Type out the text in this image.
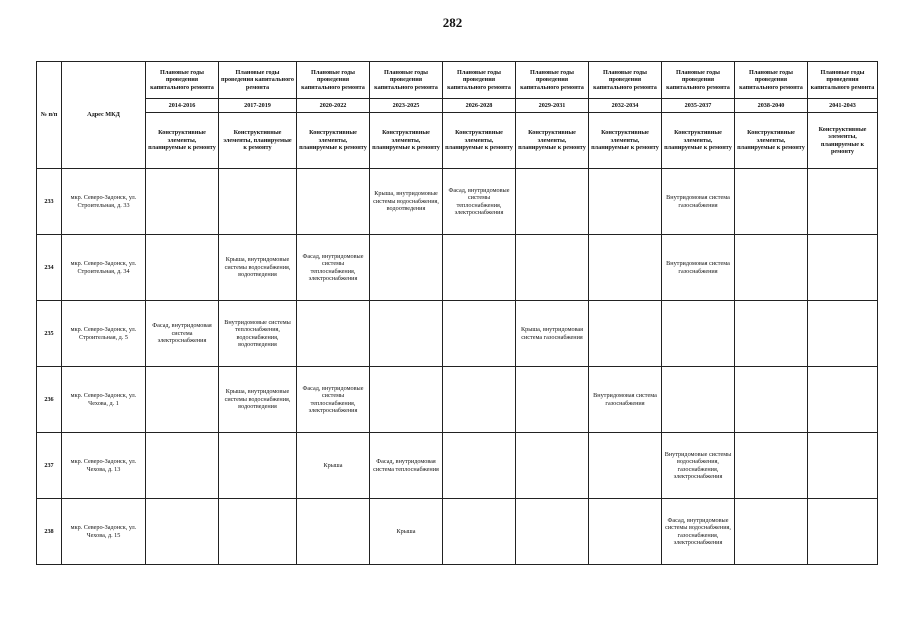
282
№ п/п	Адрес МКД	Плановые годы проведения капитального ремонта	Плановые годы проведения капитального ремонта	Плановые годы проведения капитального ремонта	Плановые годы проведения капитального ремонта	Плановые годы проведения капитального ремонта	Плановые годы проведения капитального ремонта	Плановые годы проведения капитального ремонта	Плановые годы проведения капитального ремонта	Плановые годы проведения капитального ремонта	Плановые годы проведения капитального ремонта
		2014-2016	2017-2019	2020-2022	2023-2025	2026-2028	2029-2031	2032-2034	2035-2037	2038-2040	2041-2043
		Конструктивные элементы, планируемые к ремонту	Конструктивные элементы, планируемые к ремонту	Конструктивные элементы, планируемые к ремонту	Конструктивные элементы, планируемые к ремонту	Конструктивные элементы, планируемые к ремонту	Конструктивные элементы, планируемые к ремонту	Конструктивные элементы, планируемые к ремонту	Конструктивные элементы, планируемые к ремонту	Конструктивные элементы, планируемые к ремонту	Конструктивные элементы, планируемые к ремонту
233	мкр. Северо-Задонск, ул. Строительная, д. 33				Крыша, внутридомовые системы водоснабжения, водоотведения	Фасад, внутридомовые системы теплоснабжения, электроснабжения			Внутридомовая система газоснабжения		
234	мкр. Северо-Задонск, ул. Строительная, д. 34		Крыша, внутридомовые системы водоснабжения, водоотведения	Фасад, внутридомовые системы теплоснабжения, электроснабжения					Внутридомовая система газоснабжения		
235	мкр. Северо-Задонск, ул. Строительная, д. 5	Фасад, внутридомовая система электроснабжения	Внутридомовые системы теплоснабжения, водоснабжения, водоотведения				Крыша, внутридомовая система газоснабжения				
236	мкр. Северо-Задонск, ул. Чехова, д. 1		Крыша, внутридомовые системы водоснабжения, водоотведения	Фасад, внутридомовые системы теплоснабжения, электроснабжения				Внутридомовая система газоснабжения			
237	мкр. Северо-Задонск, ул. Чехова, д. 13			Крыша	Фасад, внутридомовая система теплоснабжения				Внутридомовые системы водоснабжения, газоснабжения, электроснабжения		
238	мкр. Северо-Задонск, ул. Чехова, д. 15				Крыша				Фасад, внутридомовые системы водоснабжения, газоснабжения, электроснабжения		
